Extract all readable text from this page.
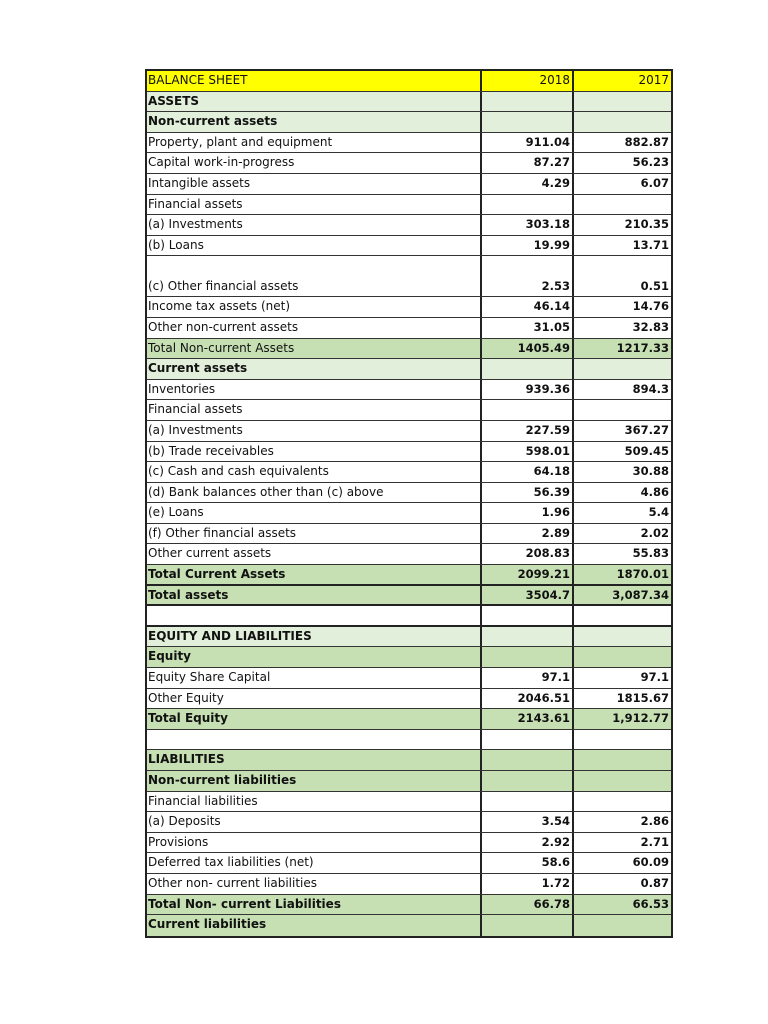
BALANCE SHEET	2018	2017
ASSETS
Non-current assets
Property, plant and equipment	911.04	882.87
Capital work-in-progress	87.27	56.23
Intangible assets	4.29	6.07
Financial assets
(a) Investments	303.18	210.35
(b) Loans	19.99	13.71
(c) Other financial assets	2.53	0.51
Income tax assets (net)	46.14	14.76
Other non-current assets	31.05	32.83
Total Non-current Assets	1405.49	1217.33
Current assets
Inventories	939.36	894.3
Financial assets
(a) Investments	227.59	367.27
(b) Trade receivables	598.01	509.45
(c) Cash and cash equivalents	64.18	30.88
(d) Bank balances other than (c) above	56.39	4.86
(e) Loans	1.96	5.4
(f) Other financial assets	2.89	2.02
Other current assets	208.83	55.83
Total Current Assets	2099.21	1870.01
Total assets	3504.7	3,087.34
EQUITY AND LIABILITIES
Equity
Equity Share Capital	97.1	97.1
Other Equity	2046.51	1815.67
Total Equity	2143.61	1,912.77
LIABILITIES
Non-current liabilities
Financial liabilities
(a) Deposits	3.54	2.86
Provisions	2.92	2.71
Deferred tax liabilities (net)	58.6	60.09
Other non- current liabilities	1.72	0.87
Total Non- current Liabilities	66.78	66.53
Current liabilities
